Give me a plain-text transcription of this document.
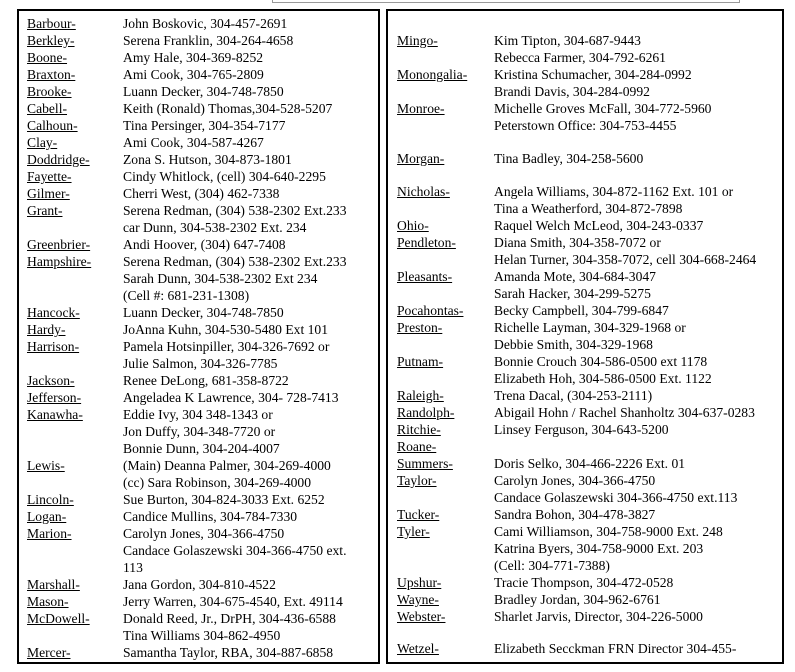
Barbour-	John Boskovic, 304-457-2691
Berkley-	Serena Franklin, 304-264-4658
Boone-	Amy Hale, 304-369-8252
Braxton-	Ami Cook, 304-765-2809
Brooke-	Luann Decker, 304-748-7850
Cabell-	Keith (Ronald) Thomas,304-528-5207
Calhoun-	Tina Persinger, 304-354-7177
Clay-	Ami Cook, 304-587-4267
Doddridge- Zona S. Hutson, 304-873-1801
Fayette-	Cindy Whitlock, (cell) 304-640-2295
Gilmer-	Cherri West, (304) 462-7338
Grant-	Serena Redman, (304) 538-2302 Ext.233
car Dunn, 304-538-2302 Ext. 234
Greenbrier- Andi Hoover, (304) 647-7408
Hampshire- Serena Redman, (304) 538-2302 Ext.233
Sarah Dunn, 304-538-2302 Ext 234
(Cell #: 681-231-1308)
Hancock-	Luann Decker, 304-748-7850
Hardy-	JoAnna Kuhn, 304-530-5480 Ext 101
Harrison-	Pamela Hotsinpiller, 304-326-7692 or
Julie Salmon, 304-326-7785
Jackson-	Renee DeLong, 681-358-8722
Jefferson-	Angeladea K Lawrence, 304- 728-7413
Kanawha-	Eddie Ivy, 304 348-1343 or
Jon Duffy, 304-348-7720 or
Bonnie Dunn, 304-204-4007
Lewis-	(Main) Deanna Palmer, 304-269-4000
(cc) Sara Robinson, 304-269-4000
Lincoln-	Sue Burton, 304-824-3033 Ext. 6252
Logan-	Candice Mullins, 304-784-7330
Marion-	Carolyn Jones, 304-366-4750
Candace Golaszewski 304-366-4750 ext.
113
Marshall-	Jana Gordon, 304-810-4522
Mason-	Jerry Warren, 304-675-4540, Ext. 49114
McDowell- Donald Reed, Jr., DrPH, 304-436-6588
Tina Williams 304-862-4950
Mercer-	Samantha Taylor, RBA, 304-887-6858
Mingo-	Kim Tipton, 304-687-9443
Rebecca Farmer, 304-792-6261
Monongalia- Kristina Schumacher, 304-284-0992
Brandi Davis, 304-284-0992
Monroe-	Michelle Groves McFall, 304-772-5960
Peterstown Office: 304-753-4455
Morgan-	Tina Badley, 304-258-5600
Nicholas-	Angela Williams, 304-872-1162 Ext. 101 or
Tina a Weatherford, 304-872-7898
Ohio-	Raquel Welch McLeod, 304-243-0337
Pendleton-	Diana Smith, 304-358-7072 or
Helan Turner, 304-358-7072, cell 304-668-2464
Pleasants-	Amanda Mote, 304-684-3047
Sarah Hacker, 304-299-5275
Pocahontas- Becky Campbell, 304-799-6847
Preston-	Richelle Layman, 304-329-1968 or
Debbie Smith, 304-329-1968
Putnam-	Bonnie Crouch 304-586-0500 ext 1178
Elizabeth Hoh, 304-586-0500 Ext. 1122
Raleigh-	Trena Dacal, (304-253-2111)
Randolph-	Abigail Hohn / Rachel Shanholtz 304-637-0283
Ritchie-	Linsey Ferguson, 304-643-5200
Roane-
Summers-	Doris Selko, 304-466-2226 Ext. 01
Taylor-	Carolyn Jones, 304-366-4750
Candace Golaszewski 304-366-4750 ext.113
Tucker-	Sandra Bohon, 304-478-3827
Tyler-	Cami Williamson, 304-758-9000 Ext. 248
Katrina Byers, 304-758-9000 Ext. 203
(Cell: 304-771-7388)
Upshur-	Tracie Thompson, 304-472-0528
Wayne-	Bradley Jordan, 304-962-6761
Webster-	Sharlet Jarvis, Director, 304-226-5000
Wetzel-	Elizabeth Secckman FRN Director 304-455-
